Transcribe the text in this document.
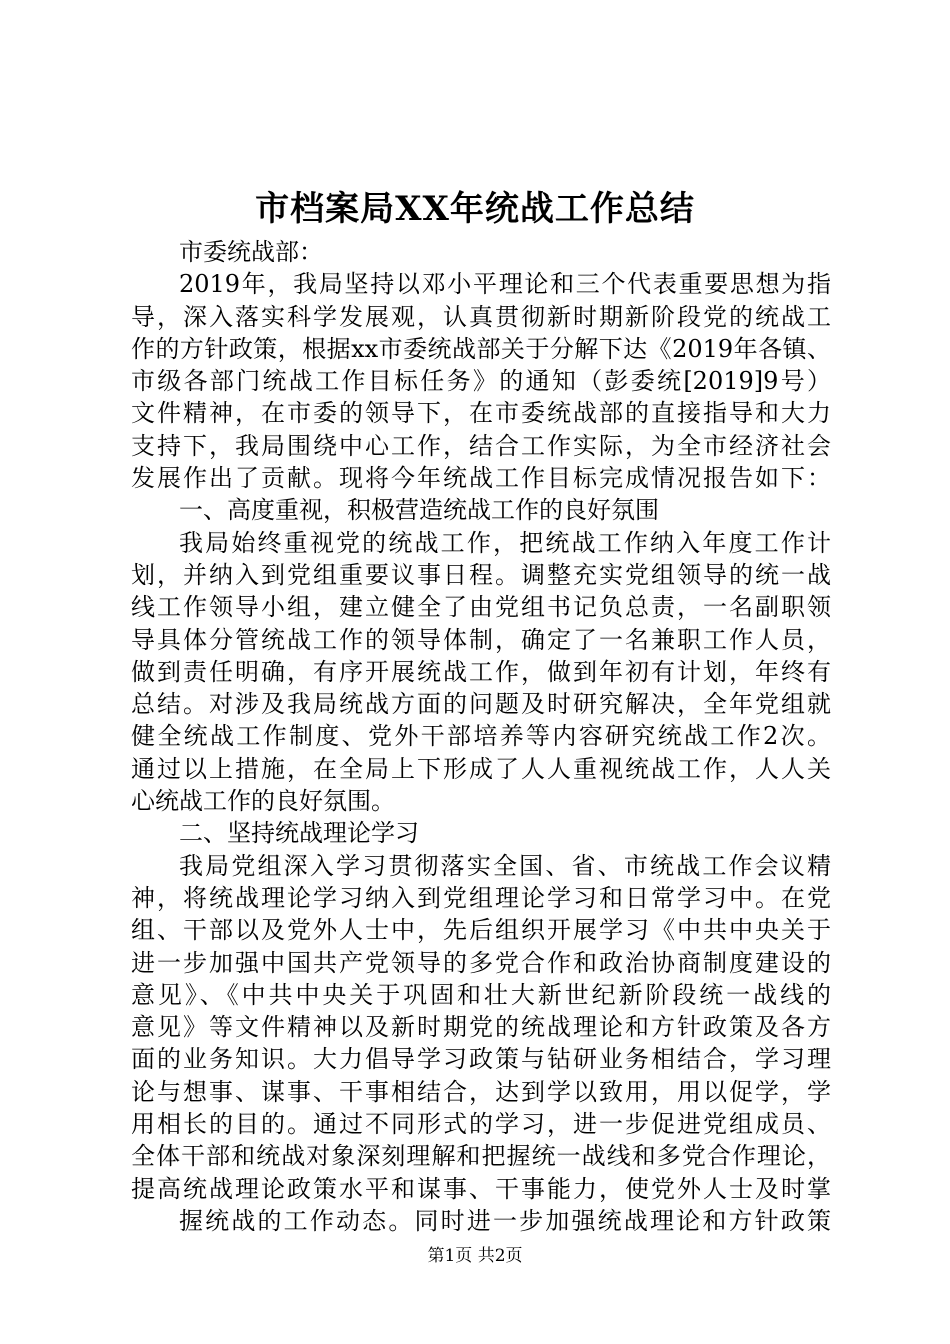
市档案局XX年统战工作总结
市委统战部：
2019年，我局坚持以邓小平理论和三个代表重要思想为指
导，深入落实科学发展观，认真贯彻新时期新阶段党的统战工
作的方针政策，根据xx市委统战部关于分解下达《2019年各镇、
市级各部门统战工作目标任务》的通知（彭委统[2019]9号）
文件精神，在市委的领导下，在市委统战部的直接指导和大力
支持下，我局围绕中心工作，结合工作实际，为全市经济社会
发展作出了贡献。现将今年统战工作目标完成情况报告如下：
一、高度重视，积极营造统战工作的良好氛围
我局始终重视党的统战工作，把统战工作纳入年度工作计
划，并纳入到党组重要议事日程。调整充实党组领导的统一战
线工作领导小组，建立健全了由党组书记负总责，一名副职领
导具体分管统战工作的领导体制，确定了一名兼职工作人员，
做到责任明确，有序开展统战工作，做到年初有计划，年终有
总结。对涉及我局统战方面的问题及时研究解决，全年党组就
健全统战工作制度、党外干部培养等内容研究统战工作2次。
通过以上措施，在全局上下形成了人人重视统战工作，人人关
心统战工作的良好氛围。
二、坚持统战理论学习
我局党组深入学习贯彻落实全国、省、市统战工作会议精
神，将统战理论学习纳入到党组理论学习和日常学习中。在党
组、干部以及党外人士中，先后组织开展学习《中共中央关于
进一步加强中国共产党领导的多党合作和政治协商制度建设的
意见》、《中共中央关于巩固和壮大新世纪新阶段统一战线的
意见》等文件精神以及新时期党的统战理论和方针政策及各方
面的业务知识。大力倡导学习政策与钻研业务相结合，学习理
论与想事、谋事、干事相结合，达到学以致用，用以促学，学
用相长的目的。通过不同形式的学习，进一步促进党组成员、
全体干部和统战对象深刻理解和把握统一战线和多党合作理论，
提高统战理论政策水平和谋事、干事能力，使党外人士及时掌
握统战的工作动态。同时进一步加强统战理论和方针政策
第1页 共2页
